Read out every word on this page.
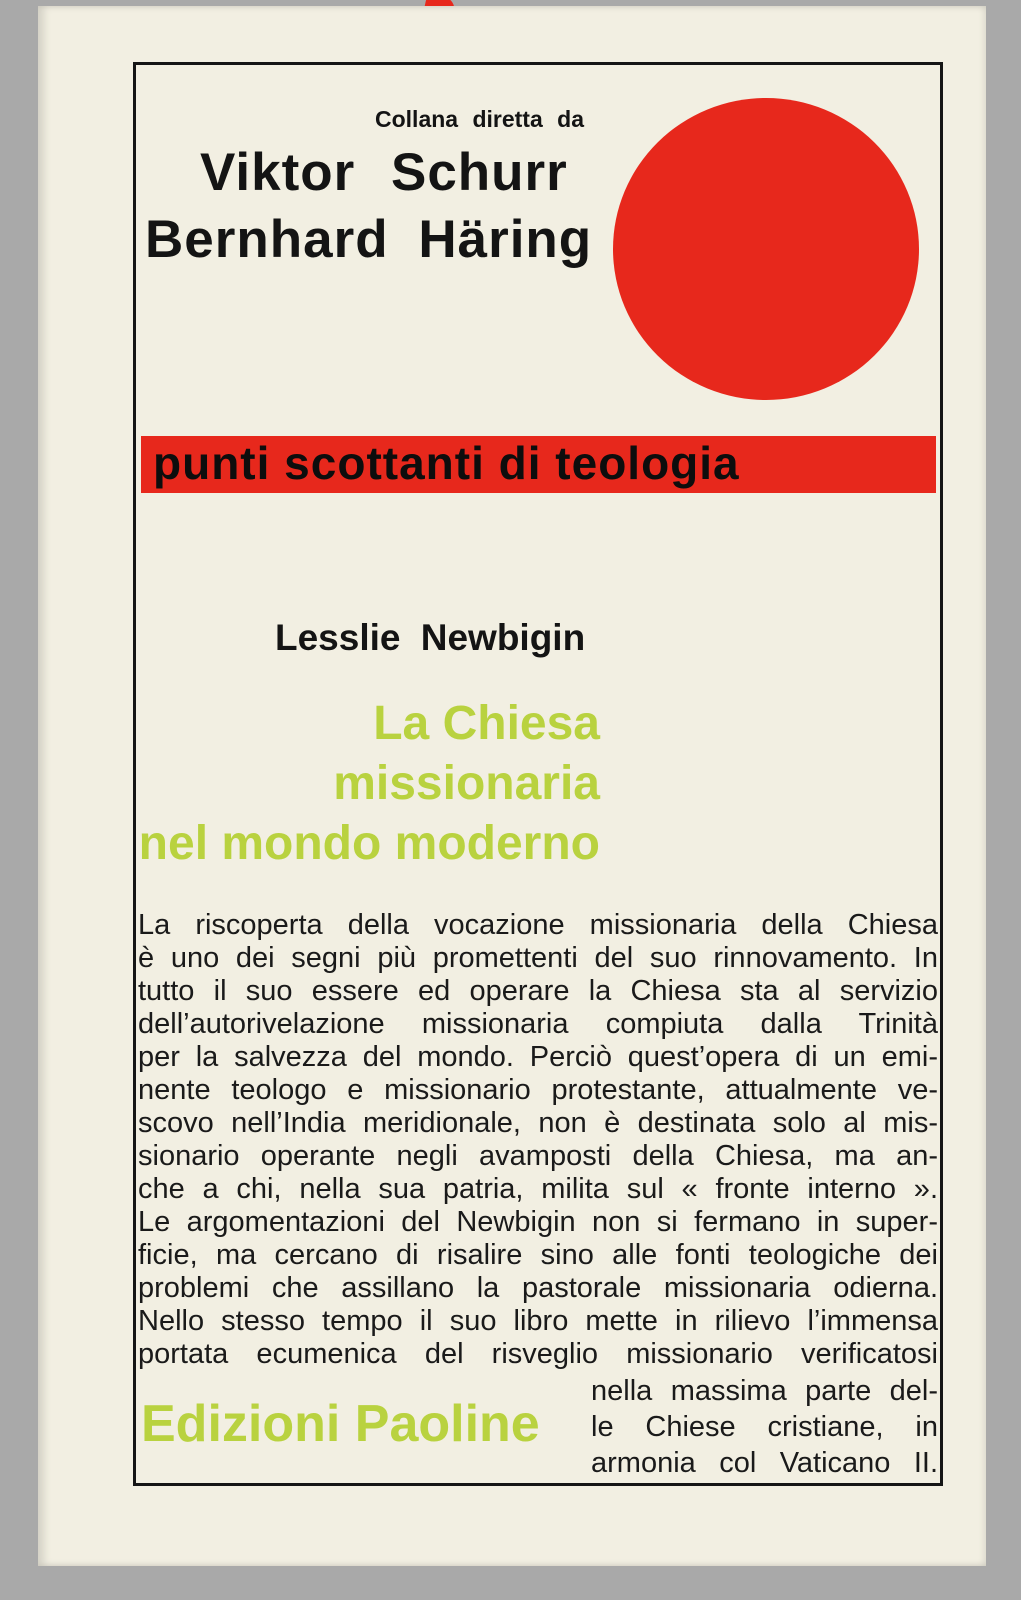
Collana diretta da
Viktor Schurr
Bernhard Häring
punti scottanti di teologia
Lesslie Newbigin
La Chiesa
missionaria
nel mondo moderno
La riscoperta della vocazione missionaria della Chiesa
è uno dei segni più promettenti del suo rinnovamento. In
tutto il suo essere ed operare la Chiesa sta al servizio
dell’autorivelazione missionaria compiuta dalla Trinità
per la salvezza del mondo. Perciò quest’opera di un emi-
nente teologo e missionario protestante, attualmente ve-
scovo nell’India meridionale, non è destinata solo al mis-
sionario operante negli avamposti della Chiesa, ma an-
che a chi, nella sua patria, milita sul « fronte interno ».
Le argomentazioni del Newbigin non si fermano in super-
ficie, ma cercano di risalire sino alle fonti teologiche dei
problemi che assillano la pastorale missionaria odierna.
Nello stesso tempo il suo libro mette in rilievo l’immensa
portata ecumenica del risveglio missionario verificatosi
nella massima parte del-
le Chiese cristiane, in
armonia col Vaticano II.
Edizioni Paoline
